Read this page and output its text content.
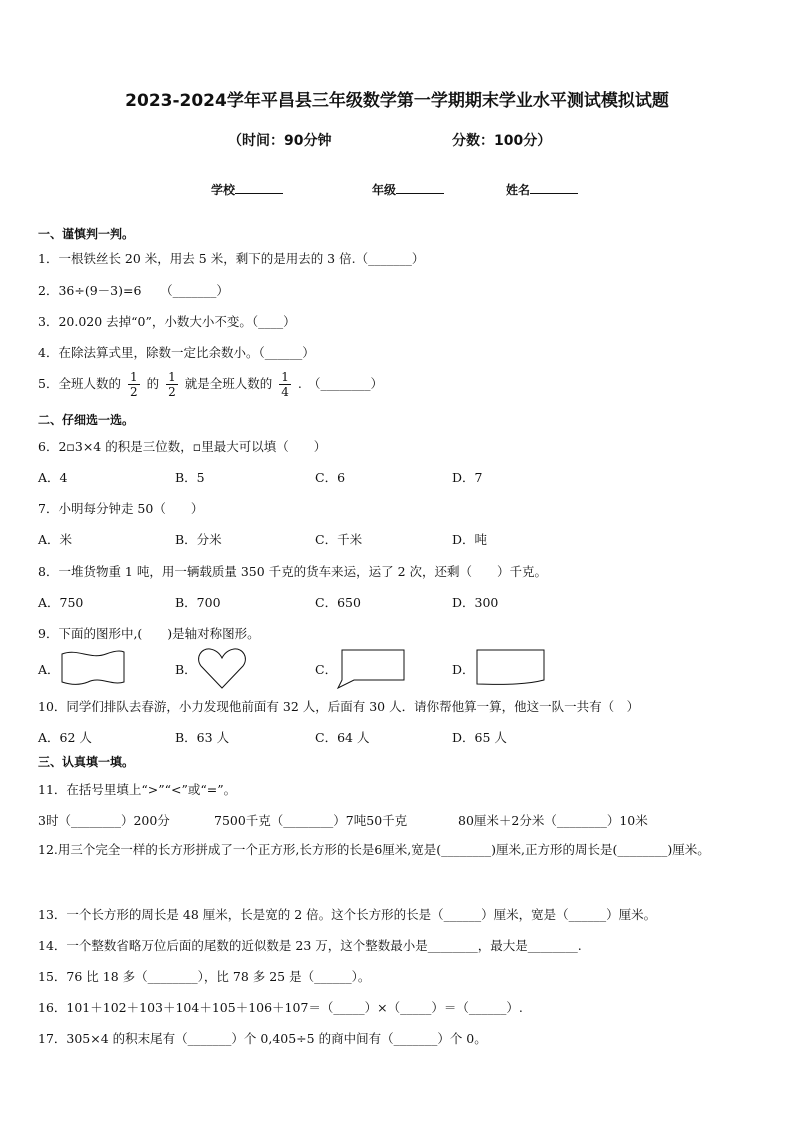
2023-2024学年平昌县三年级数学第一学期期末学业水平测试模拟试题
（时间：90分钟	分数：100分）
学校	年级	姓名
一、谨慎判一判。
1．一根铁丝长 20 米，用去 5 米，剩下的是用去的 3 倍.（_______）
2．36÷(9－3)=6　　（_______）
3．20.020 去掉“0”，小数大小不变。（____）
4．在除法算式里，除数一定比余数小。（______）
5．全班人数的 $\frac{1}{2}$ 的 $\frac{1}{2}$ 就是全班人数的 $\frac{1}{4}$ .　（________）
二、仔细选一选。
6．2▫3×4 的积是三位数，▫里最大可以填（　　）
A．4	B．5	C．6	D．7
7．小明每分钟走 50（　　）
A．米	B．分米	C．千米	D．吨
8．一堆货物重 1 吨，用一辆载质量 350 千克的货车来运，运了 2 次，还剩（　　）千克。
A．750	B．700	C．650	D．300
9．下面的图形中,(　　)是轴对称图形。
A．	B．	C．	D．
10．同学们排队去春游，小力发现他前面有 32 人，后面有 30 人．请你帮他算一算，他这一队一共有（　）
A．62 人	B．63 人	C．64 人	D．65 人
三、认真填一填。
11．在括号里填上“>”“<”或“=”。
3时（________）200分	7500千克（________）7吨50千克	80厘米＋2分米（________）10米
12.用三个完全一样的长方形拼成了一个正方形,长方形的长是6厘米,宽是(________)厘米,正方形的周长是(________)厘米。
13．一个长方形的周长是 48 厘米，长是宽的 2 倍。这个长方形的长是（______）厘米，宽是（______）厘米。
14．一个整数省略万位后面的尾数的近似数是 23 万，这个整数最小是________，最大是________.
15．76 比 18 多（________），比 78 多 25 是（______）。
16．101＋102＋103＋104＋105＋106＋107＝（_____）×（_____）＝（______）.
17．305×4 的积末尾有（_______）个 0,405÷5 的商中间有（_______）个 0。
